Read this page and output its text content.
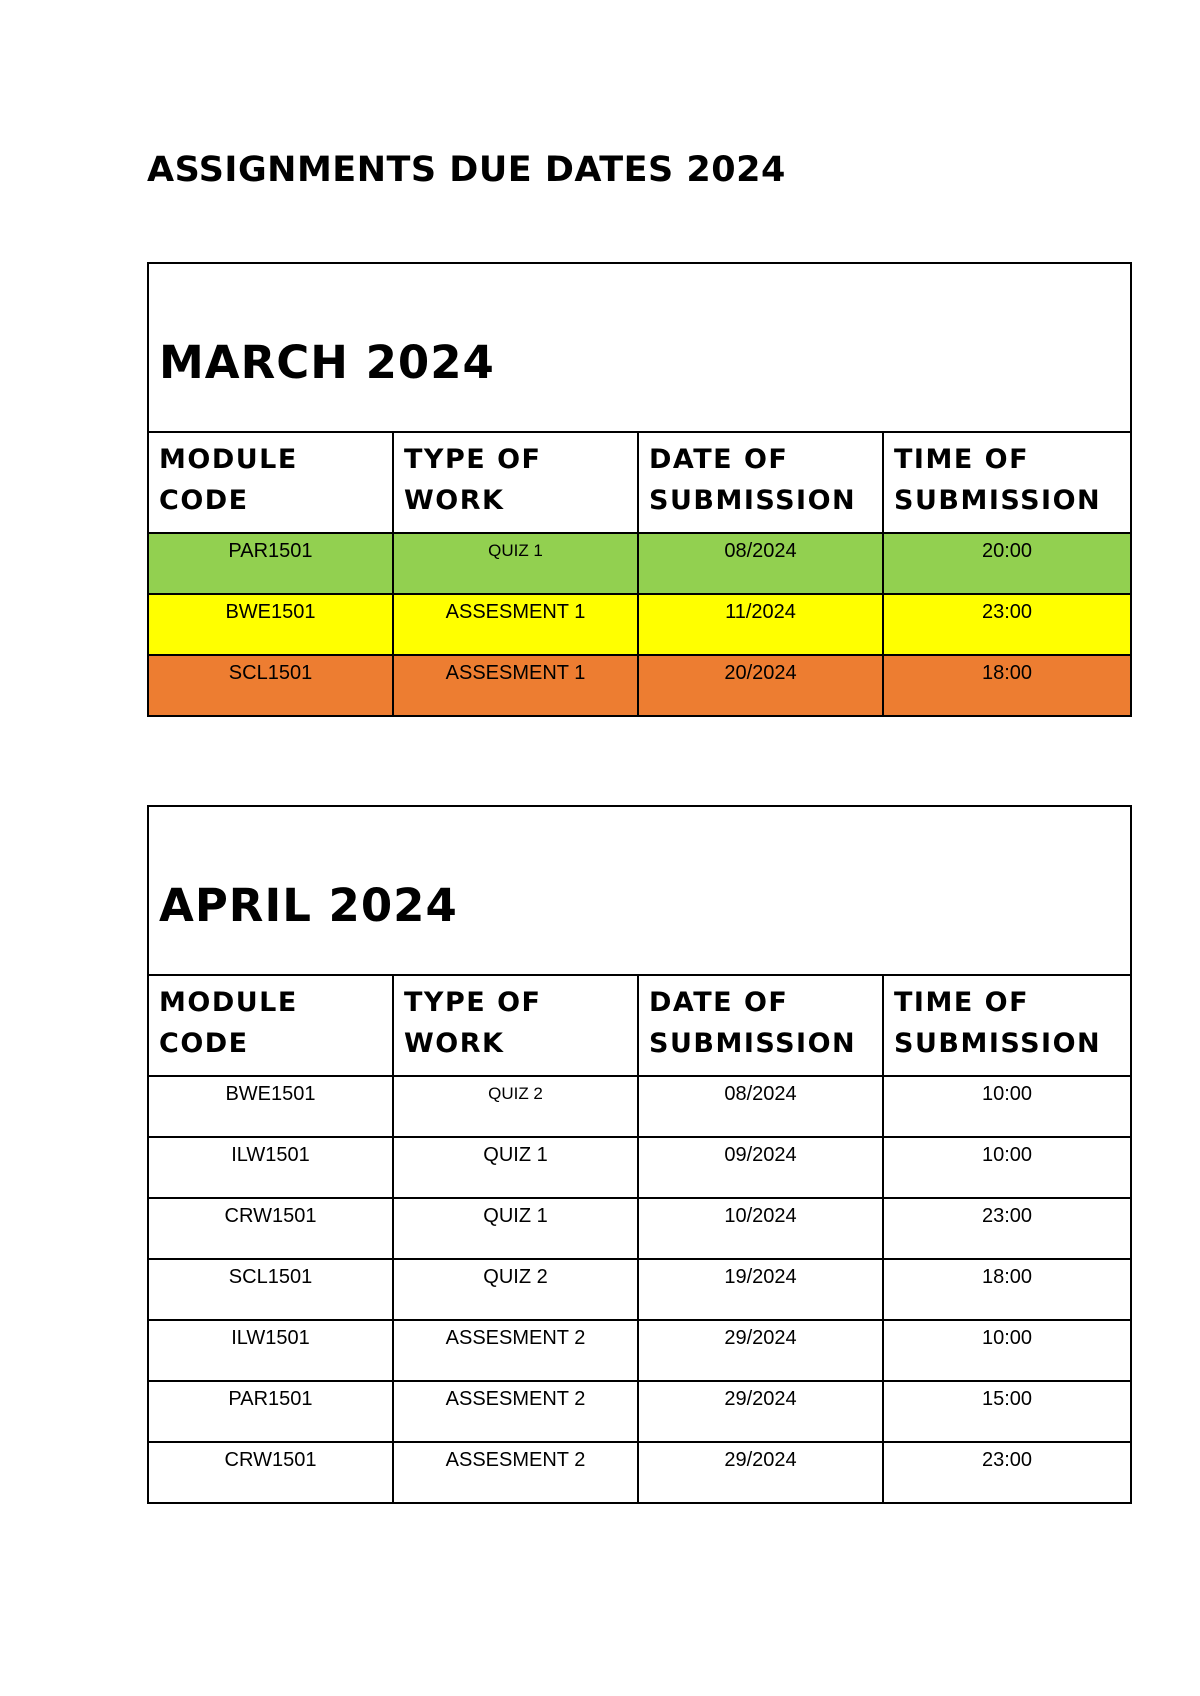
ASSIGNMENTS DUE DATES 2024
MARCH 2024			

MODULE CODE	TYPE OF WORK	DATE OF SUBMISSION	TIME OF SUBMISSION

PAR1501	QUIZ 1	08/2024	20:00

BWE1501	ASSESMENT 1	11/2024	23:00

SCL1501	ASSESMENT 1	20/2024	18:00
APRIL 2024			

MODULE CODE	TYPE OF WORK	DATE OF SUBMISSION	TIME OF SUBMISSION

BWE1501	QUIZ 2	08/2024	10:00

ILW1501	QUIZ 1	09/2024	10:00

CRW1501	QUIZ 1	10/2024	23:00

SCL1501	QUIZ 2	19/2024	18:00

ILW1501	ASSESMENT 2	29/2024	10:00

PAR1501	ASSESMENT 2	29/2024	15:00

CRW1501	ASSESMENT 2	29/2024	23:00
